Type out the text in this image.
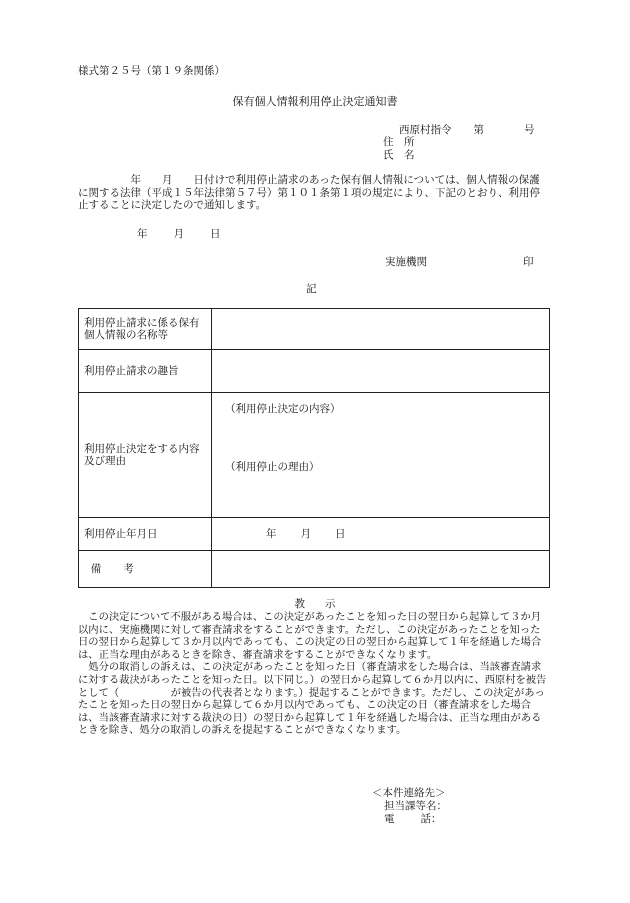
様式第２５号（第１９条関係）
保有個人情報利用停止決定通知書
西原村指令 第	号
住　所
氏　名
　　　　　年　　月　　日付けで利用停止請求のあった保有個人情報については、個人情報の保護に関する法律（平成１５年法律第５７号）第１０１条第１項の規定により、下記のとおり、利用停止することに決定したので通知します。
年 月 日
実施機関	印
記
利用停止請求に係る保有個人情報の名称等	
利用停止請求の趣旨	
利用停止決定をする内容及び理由	（利用停止決定の内容）
（利用停止の理由）

利用停止年月日	年 月 日
備 考	
教 示

この決定について不服がある場合は、この決定があったことを知った日の翌日から起算して３か月以内に、実施機関に対して審査請求をすることができます。ただし、この決定があったことを知った日の翌日から起算して３か月以内であっても、この決定の日の翌日から起算して１年を経過した場合は、正当な理由があるときを除き、審査請求をすることができなくなります。

処分の取消しの訴えは、この決定があったことを知った日（審査請求をした場合は、当該審査請求に対する裁決があったことを知った日。以下同じ。）の翌日から起算して６か月以内に、西原村を被告として（　　　　　が被告の代表者となります。）提起することができます。ただし、この決定があったことを知った日の翌日から起算して６か月以内であっても、この決定の日（審査請求をした場合は、当該審査請求に対する裁決の日）の翌日から起算して１年を経過した場合は、正当な理由があるときを除き、処分の取消しの訴えを提起することができなくなります。

＜本件連絡先＞
担当課等名：
電 話：
